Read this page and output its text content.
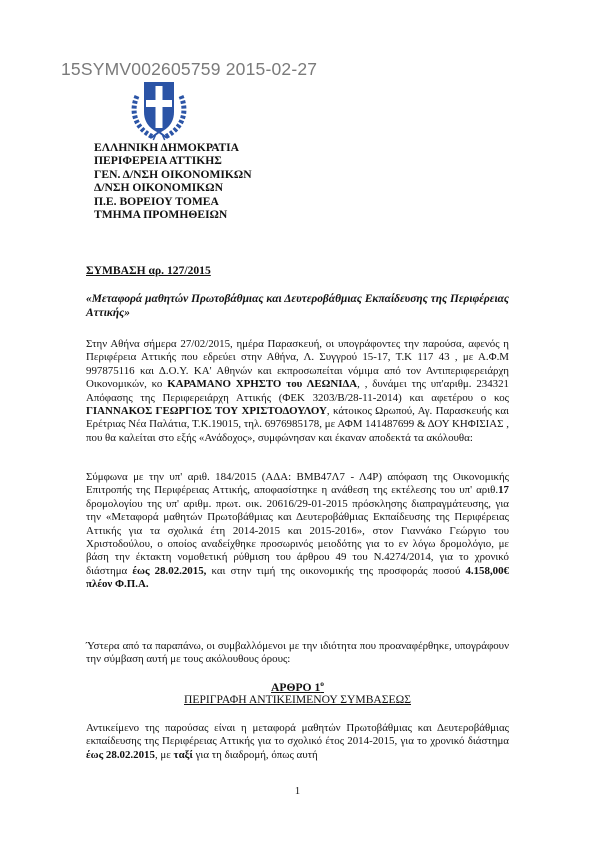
15SYMV002605759 2015-02-27
ΕΛΛΗΝΙΚΗ ΔΗΜΟΚΡΑΤΙΑ
ΠΕΡΙΦΕΡΕΙΑ ΑΤΤΙΚΗΣ
ΓΕΝ. Δ/ΝΣΗ ΟΙΚΟΝΟΜΙΚΩΝ
Δ/ΝΣΗ ΟΙΚΟΝΟΜΙΚΩΝ
Π.Ε. ΒΟΡΕΙΟΥ ΤΟΜΕΑ
ΤΜΗΜΑ ΠΡΟΜΗΘΕΙΩΝ
ΣΥΜΒΑΣΗ αρ. 127/2015
«Μεταφορά μαθητών Πρωτοβάθμιας και Δευτεροβάθμιας Εκπαίδευσης της Περιφέρειας Αττικής»
Στην Αθήνα σήμερα 27/02/2015, ημέρα Παρασκευή, οι υπογράφοντες την παρούσα, αφενός η Περιφέρεια Αττικής που εδρεύει στην Αθήνα, Λ. Συγγρού 15-17, Τ.Κ 117 43 , με Α.Φ.Μ 997875116 και Δ.Ο.Υ. ΚΑ' Αθηνών και εκπροσωπείται νόμιμα από τον Αντιπεριφερειάρχη Οικονομικών, κο ΚΑΡΑΜΑΝΟ ΧΡΗΣΤΟ του ΛΕΩΝΙΔΑ, , δυνάμει της υπ'αριθμ. 234321 Απόφασης της Περιφερειάρχη Αττικής (ΦΕΚ 3203/Β/28-11-2014) και αφετέρου ο κος ΓΙΑΝΝΑΚΟΣ ΓΕΩΡΓΙΟΣ ΤΟΥ ΧΡΙΣΤΟΔΟΥΛΟΥ, κάτοικος Ωρωπού, Αγ. Παρασκευής και Ερέτριας Νέα Παλάτια, Τ.Κ.19015, τηλ. 6976985178, με ΑΦΜ 141487699 & ΔΟΥ ΚΗΦΙΣΙΑΣ , που θα καλείται στο εξής «Ανάδοχος», συμφώνησαν και έκαναν αποδεκτά τα ακόλουθα:
Σύμφωνα με την υπ' αριθ. 184/2015 (ΑΔΑ: ΒΜΒ47Λ7 - Λ4Ρ) απόφαση της Οικονομικής Επιτροπής της Περιφέρειας Αττικής, αποφασίστηκε η ανάθεση της εκτέλεσης του υπ' αριθ.17 δρομολογίου της υπ' αριθμ. πρωτ. οικ. 20616/29-01-2015 πρόσκλησης διαπραγμάτευσης, για την «Μεταφορά μαθητών Πρωτοβάθμιας και Δευτεροβάθμιας Εκπαίδευσης της Περιφέρειας Αττικής για τα σχολικά έτη 2014-2015 και 2015-2016», στον Γιαννάκο Γεώργιο του Χριστοδούλου, ο οποίος αναδείχθηκε προσωρινός μειοδότης για το εν λόγω δρομολόγιο, με βάση την έκτακτη νομοθετική ρύθμιση του άρθρου 49 του Ν.4274/2014, για το χρονικό διάστημα έως 28.02.2015, και στην τιμή της οικονομικής της προσφοράς ποσού 4.158,00€ πλέον Φ.Π.Α.
Ύστερα από τα παραπάνω, οι συμβαλλόμενοι με την ιδιότητα που προαναφέρθηκε, υπογράφουν την σύμβαση αυτή με τους ακόλουθους όρους:
ΑΡΘΡΟ $1^o$
ΠΕΡΙΓΡΑΦΗ ΑΝΤΙΚΕΙΜΕΝΟΥ ΣΥΜΒΑΣΕΩΣ
Αντικείμενο της παρούσας είναι η μεταφορά μαθητών Πρωτοβάθμιας και Δευτεροβάθμιας εκπαίδευσης της Περιφέρειας Αττικής για το σχολικό έτος 2014-2015, για το χρονικό διάστημα έως 28.02.2015, με ταξί για τη διαδρομή, όπως αυτή
1
